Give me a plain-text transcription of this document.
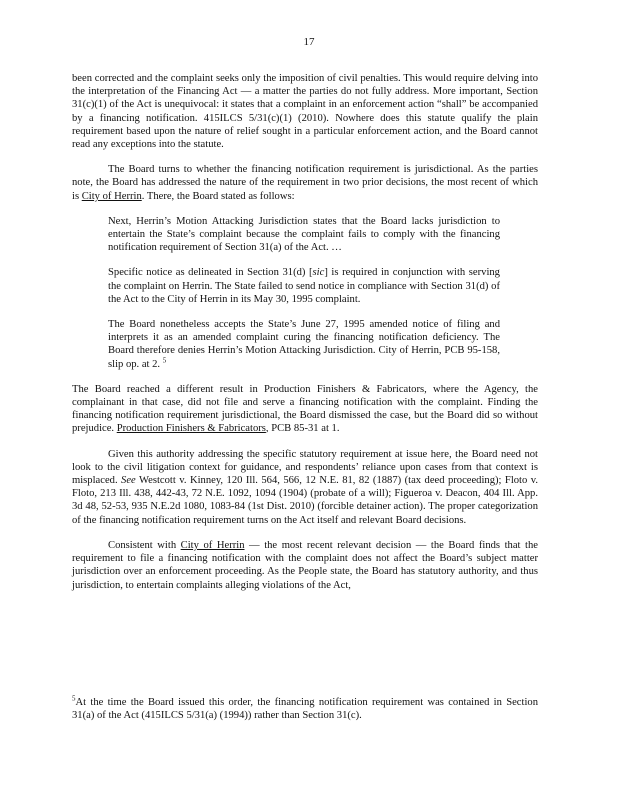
17

been corrected and the complaint seeks only the imposition of civil penalties. This would require delving into the interpretation of the Financing Act — a matter the parties do not fully address. More important, Section 31(c)(1) of the Act is unequivocal: it states that a complaint in an enforcement action “shall” be accompanied by a financing notification. 415ILCS 5/31(c)(1) (2010). Nowhere does this statute qualify the plain requirement based upon the nature of relief sought in a particular enforcement action, and the Board cannot read any exceptions into the statute.

The Board turns to whether the financing notification requirement is jurisdictional. As the parties note, the Board has addressed the nature of the requirement in two prior decisions, the most recent of which is City of Herrin. There, the Board stated as follows:

Next, Herrin’s Motion Attacking Jurisdiction states that the Board lacks jurisdiction to entertain the State’s complaint because the complaint fails to comply with the financing notification requirement of Section 31(a) of the Act. …

Specific notice as delineated in Section 31(d) [sic] is required in conjunction with serving the complaint on Herrin. The State failed to send notice in compliance with Section 31(d) of the Act to the City of Herrin in its May 30, 1995 complaint.

The Board nonetheless accepts the State’s June 27, 1995 amended notice of filing and interprets it as an amended complaint curing the financing notification deficiency. The Board therefore denies Herrin’s Motion Attacking Jurisdiction. City of Herrin, PCB 95-158, slip op. at 2. $^5$

The Board reached a different result in Production Finishers & Fabricators, where the Agency, the complainant in that case, did not file and serve a financing notification with the complaint. Finding the financing notification requirement jurisdictional, the Board dismissed the case, but the Board did so without prejudice. Production Finishers & Fabricators, PCB 85-31 at 1.

Given this authority addressing the specific statutory requirement at issue here, the Board need not look to the civil litigation context for guidance, and respondents’ reliance upon cases from that context is misplaced. See Westcott v. Kinney, 120 Ill. 564, 566, 12 N.E. 81, 82 (1887) (tax deed proceeding); Floto v. Floto, 213 Ill. 438, 442-43, 72 N.E. 1092, 1094 (1904) (probate of a will); Figueroa v. Deacon, 404 Ill. App. 3d 48, 52-53, 935 N.E.2d 1080, 1083-84 (1st Dist. 2010) (forcible detainer action). The proper categorization of the financing notification requirement turns on the Act itself and relevant Board decisions.

Consistent with City of Herrin — the most recent relevant decision — the Board finds that the requirement to file a financing notification with the complaint does not affect the Board’s subject matter jurisdiction over an enforcement proceeding. As the People state, the Board has statutory authority, and thus jurisdiction, to entertain complaints alleging violations of the Act,

$^5$At the time the Board issued this order, the financing notification requirement was contained in Section 31(a) of the Act (415ILCS 5/31(a) (1994)) rather than Section 31(c).
